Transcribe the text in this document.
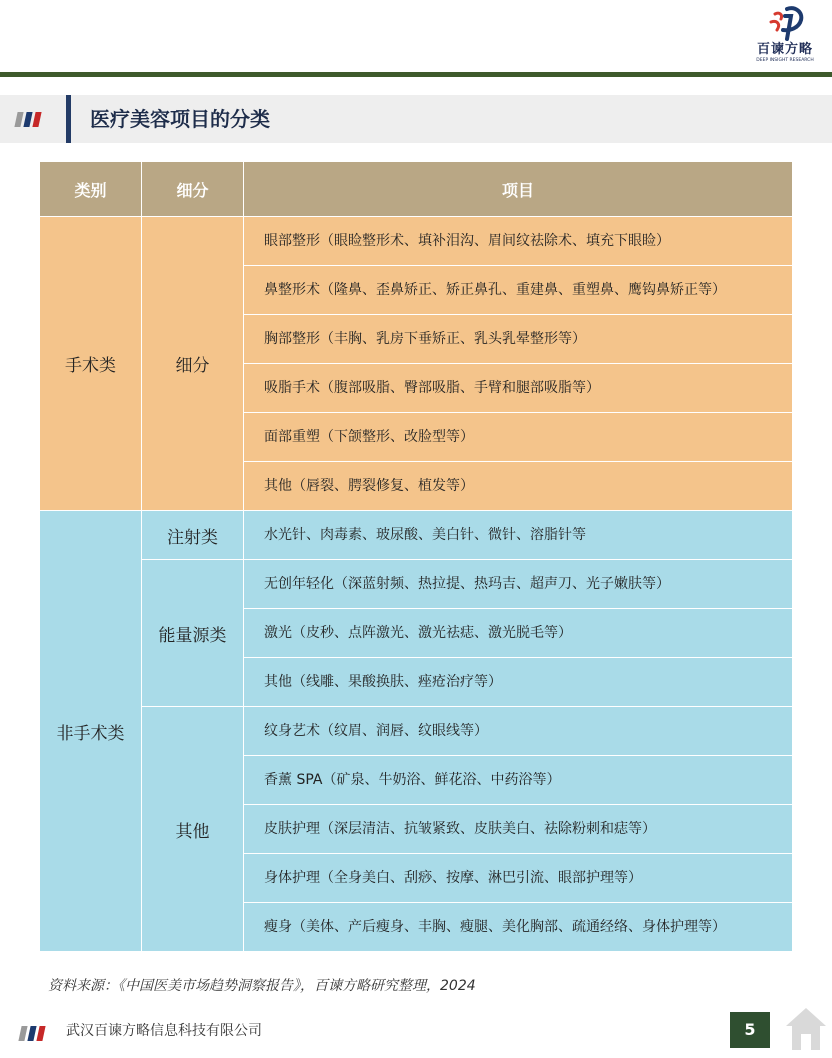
百谏方略
DEEP INSIGHT RESEARCH
医疗美容项目的分类
类别	细分	项目
手术类	细分	眼部整形（眼睑整形术、填补泪沟、眉间纹祛除术、填充下眼睑）
		鼻整形术（隆鼻、歪鼻矫正、矫正鼻孔、重建鼻、重塑鼻、鹰钩鼻矫正等）
		胸部整形（丰胸、乳房下垂矫正、乳头乳晕整形等）
		吸脂手术（腹部吸脂、臀部吸脂、手臂和腿部吸脂等）
		面部重塑（下颌整形、改脸型等）
		其他（唇裂、腭裂修复、植发等）
非手术类	注射类	水光针、肉毒素、玻尿酸、美白针、微针、溶脂针等
	能量源类	无创年轻化（深蓝射频、热拉提、热玛吉、超声刀、光子嫩肤等）
		激光（皮秒、点阵激光、激光祛痣、激光脱毛等）
		其他（线雕、果酸换肤、痤疮治疗等）
	其他	纹身艺术（纹眉、润唇、纹眼线等）
		香薰 SPA（矿泉、牛奶浴、鲜花浴、中药浴等）
		皮肤护理（深层清洁、抗皱紧致、皮肤美白、祛除粉刺和痣等）
		身体护理（全身美白、刮痧、按摩、淋巴引流、眼部护理等）
		瘦身（美体、产后瘦身、丰胸、瘦腿、美化胸部、疏通经络、身体护理等）
资料来源：《中国医美市场趋势洞察报告》，百谏方略研究整理，2024
武汉百谏方略信息科技有限公司	5
